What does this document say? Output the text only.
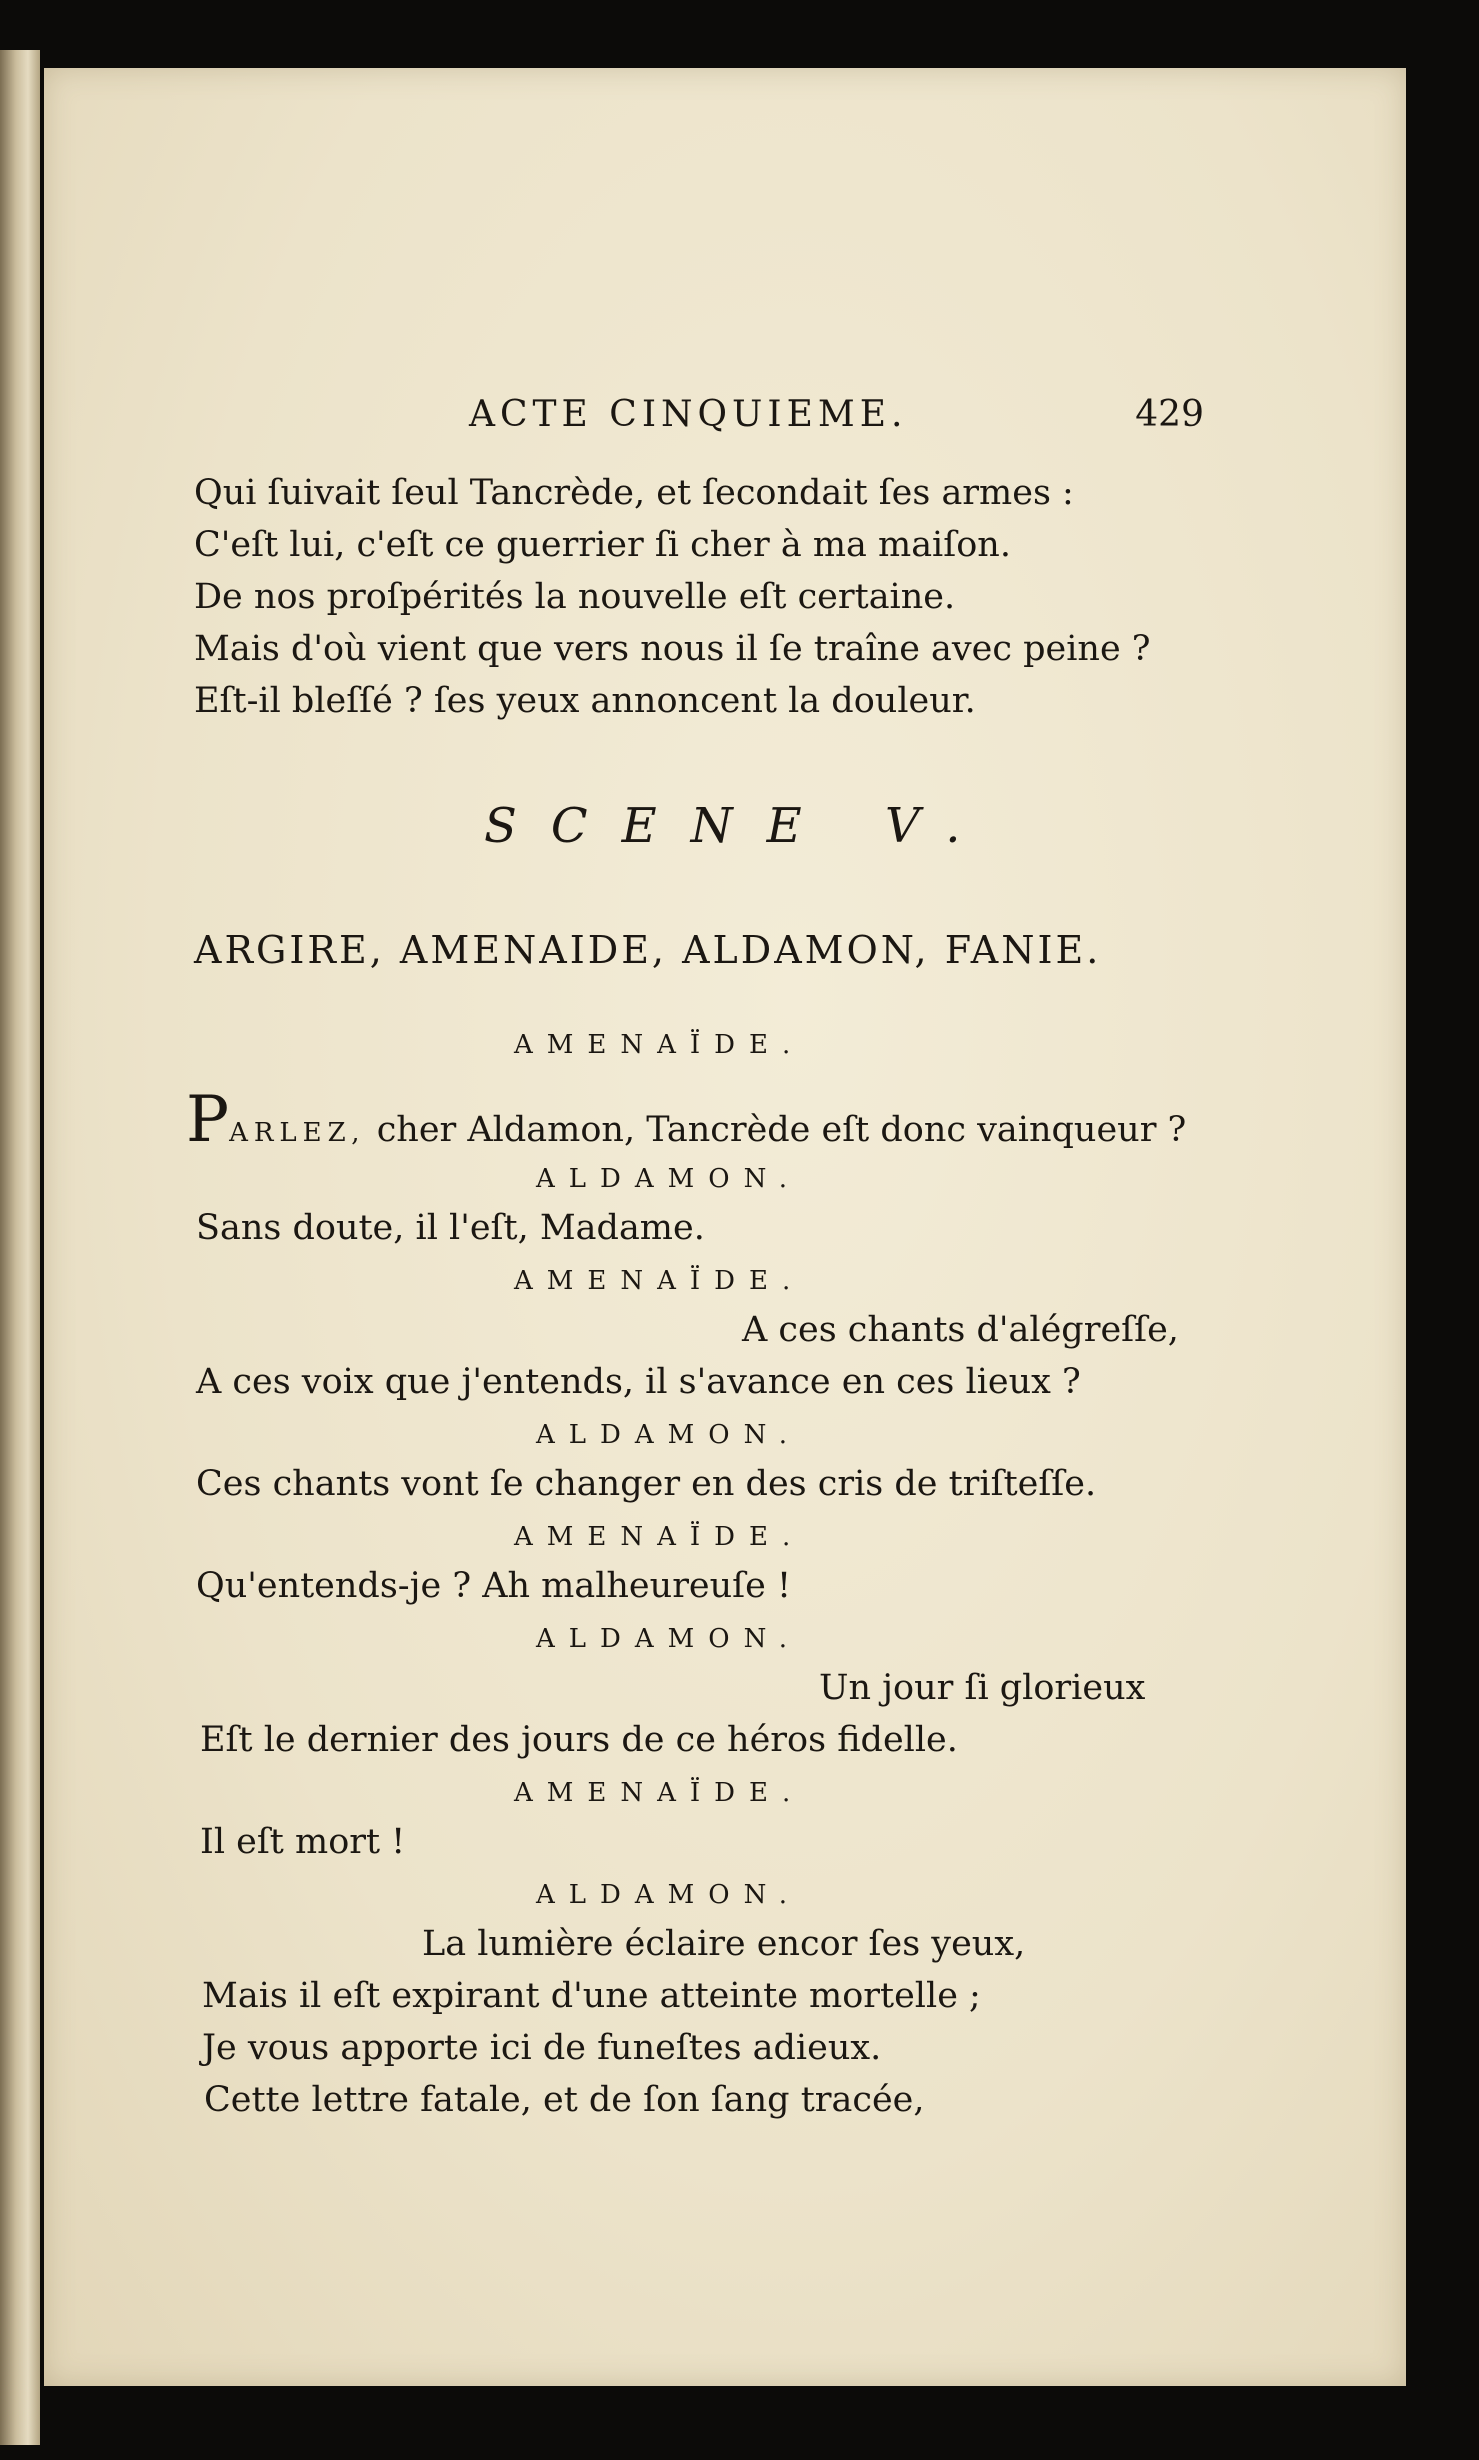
ACTE CINQUIEME.	429
Qui ſuivait ſeul Tancrède, et ſecondait ſes armes :
C'eſt lui, c'eſt ce guerrier ſi cher à ma maiſon.
De nos proſpérités la nouvelle eſt certaine.
Mais d'où vient que vers nous il ſe traîne avec peine ?
Eſt-il bleſſé ? ſes yeux annoncent la douleur.
SCENE V.
ARGIRE, AMENAIDE, ALDAMON, FANIE.
AMENAÏDE.
PARLEZ, cher Aldamon, Tancrède eſt donc vainqueur ?
ALDAMON.
Sans doute, il l'eſt, Madame.
AMENAÏDE.
A ces chants d'alégreſſe,
A ces voix que j'entends, il s'avance en ces lieux ?
ALDAMON.
Ces chants vont ſe changer en des cris de triſteſſe.
AMENAÏDE.
Qu'entends-je ? Ah malheureuſe !
ALDAMON.
Un jour ſi glorieux
Eſt le dernier des jours de ce héros fidelle.
AMENAÏDE.
Il eſt mort !
ALDAMON.
La lumière éclaire encor ſes yeux,
Mais il eſt expirant d'une atteinte mortelle ;
Je vous apporte ici de funeſtes adieux.
Cette lettre fatale, et de ſon ſang tracée,
